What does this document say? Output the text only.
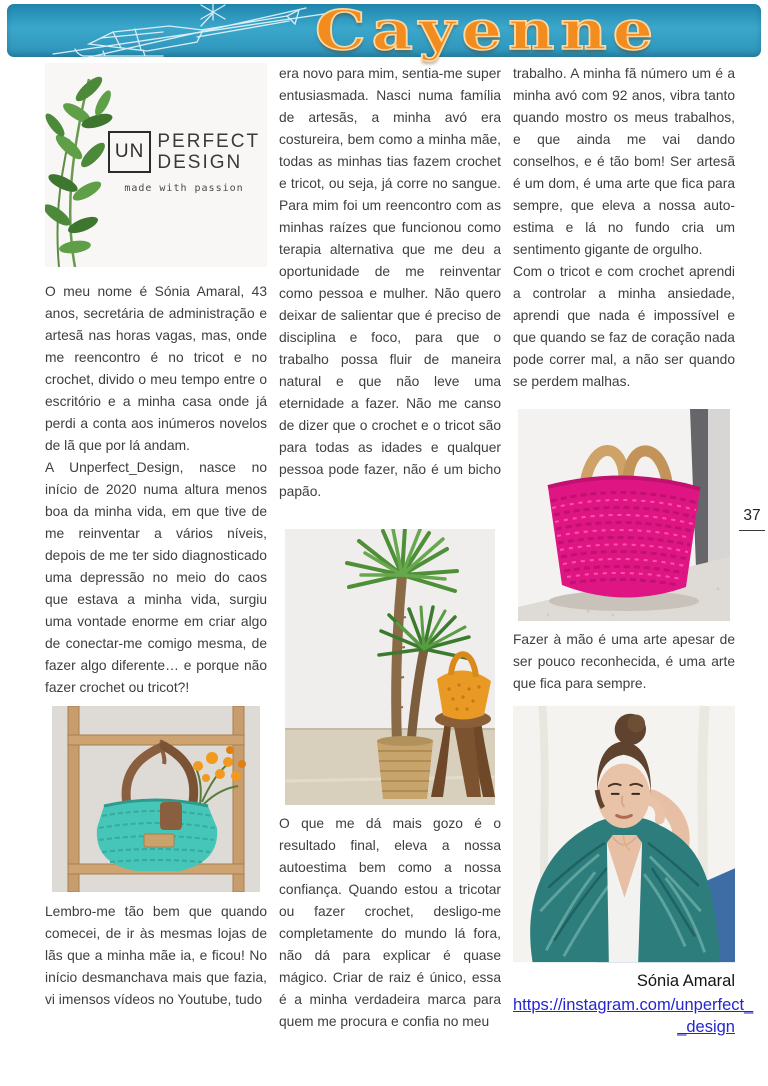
Cayenne
37
UN PERFECT
DESIGN
made with passion

O meu nome é Sónia Amaral, 43 anos, secretária de administração e artesã nas horas vagas, mas, onde me reencontro é no tricot e no crochet, divido o meu tempo entre o escritório e a minha casa onde já perdi a conta aos inúmeros novelos de lã que por lá andam.

A Unperfect_Design, nasce no início de 2020 numa altura menos boa da minha vida, em que tive de me reinventar a vários níveis, depois de me ter sido diagnosticado uma depressão no meio do caos que estava a minha vida, surgiu uma vontade enorme em criar algo de conectar-me comigo mesma, de fazer algo diferente… e porque não fazer crochet ou tricot?!

Lembro-me tão bem que quando comecei, de ir às mesmas lojas de lãs que a minha mãe ia, e ficou! No início desmanchava mais que fazia, vi imensos vídeos no Youtube, tudo

era novo para mim, sentia-me super entusiasmada. Nasci numa família de artesãs, a minha avó era costureira, bem como a minha mãe, todas as minhas tias fazem crochet e tricot, ou seja, já corre no sangue. Para mim foi um reencontro com as minhas raízes que funcionou como terapia alternativa que me deu a oportunidade de me reinventar como pessoa e mulher. Não quero deixar de salientar que é preciso de disciplina e foco, para que o trabalho possa fluir de maneira natural e que não leve uma eternidade a fazer. Não me canso de dizer que o crochet e o tricot são para todas as idades e qualquer pessoa pode fazer, não é um bicho papão.

O que me dá mais gozo é o resultado final, eleva a nossa autoestima bem como a nossa confiança. Quando estou a tricotar ou fazer crochet, desligo-me completamente do mundo lá fora, não dá para explicar é quase mágico. Criar de raiz é único, essa é a minha verdadeira marca para quem me procura e confia no meu

trabalho. A minha fã número um é a minha avó com 92 anos, vibra tanto quando mostro os meus trabalhos, e que ainda me vai dando conselhos, e é tão bom! Ser artesã é um dom, é uma arte que fica para sempre, que eleva a nossa auto-estima e lá no fundo cria um sentimento gigante de orgulho.

Com o tricot e com crochet aprendi a controlar a minha ansiedade, aprendi que nada é impossível e que quando se faz de coração nada pode correr mal, a não ser quando se perdem malhas.

Fazer à mão é uma arte apesar de ser pouco reconhecida, é uma arte que fica para sempre.

Sónia Amaral
https://instagram.com/unperfect_
_design
